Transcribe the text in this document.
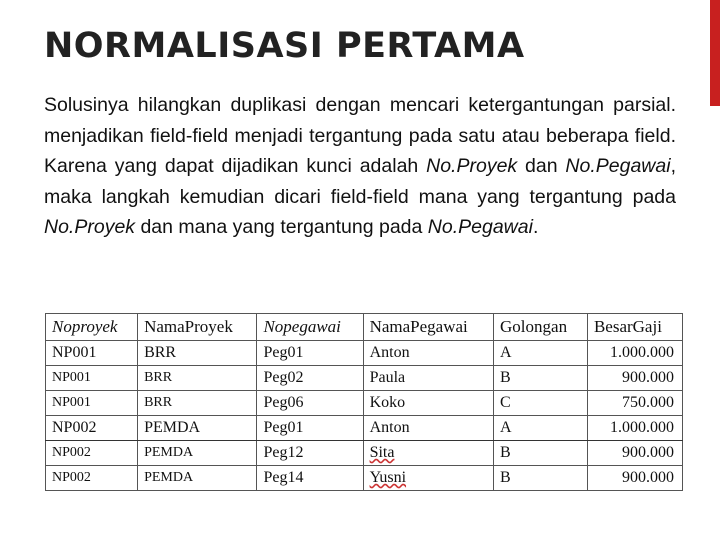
NORMALISASI PERTAMA
Solusinya hilangkan duplikasi dengan mencari ketergantungan parsial. menjadikan field-field menjadi tergantung pada satu atau beberapa field. Karena yang dapat dijadikan kunci adalah No.Proyek dan No.Pegawai, maka langkah kemudian dicari field-field mana yang tergantung pada No.Proyek dan mana yang tergantung pada No.Pegawai.
Noproyek	NamaProyek	Nopegawai	NamaPegawai	Golongan	BesarGaji
NP001	BRR	Peg01	Anton	A	1.000.000
NP001	BRR	Peg02	Paula	B	900.000
NP001	BRR	Peg06	Koko	C	750.000
NP002	PEMDA	Peg01	Anton	A	1.000.000
NP002	PEMDA	Peg12	Sita	B	900.000
NP002	PEMDA	Peg14	Yusni	B	900.000
